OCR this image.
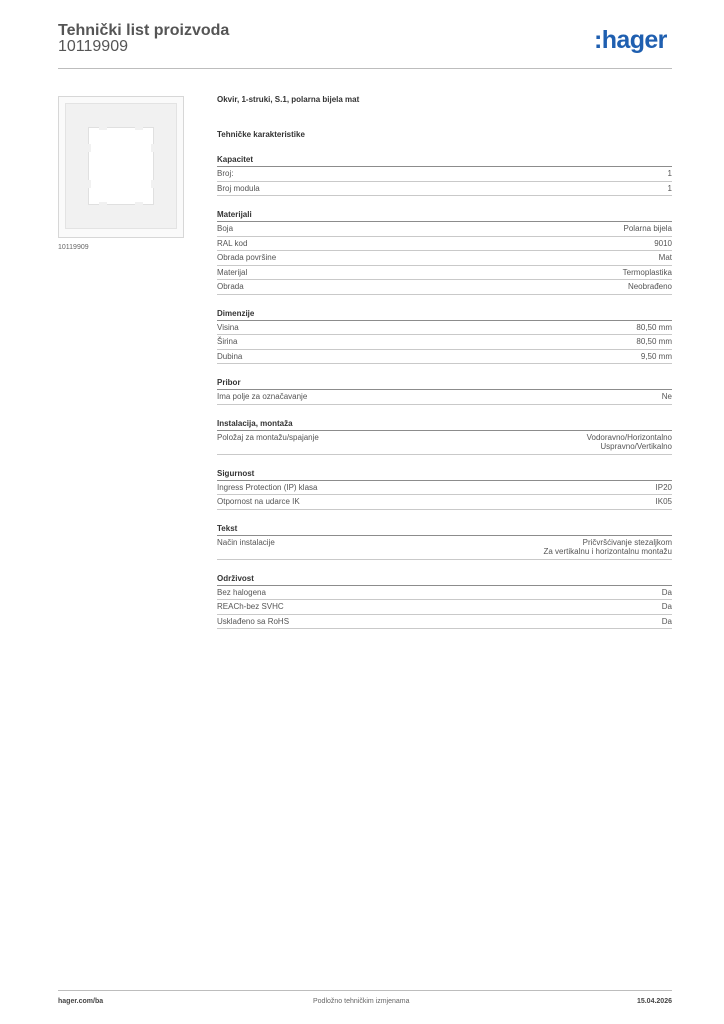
Tehnički list proizvoda
10119909	:hager
10119909
Okvir, 1-struki, S.1, polarna bijela mat
Tehničke karakteristike
Kapacitet
Broj:	1
Broj modula	1
Materijali
Boja	Polarna bijela
RAL kod	9010
Obrada površine	Mat
Materijal	Termoplastika
Obrada	Neobrađeno
Dimenzije
Visina	80,50 mm
Širina	80,50 mm
Dubina	9,50 mm
Pribor
Ima polje za označavanje	Ne
Instalacija, montaža
Položaj za montažu/spajanje	Vodoravno/Horizontalno
Uspravno/Vertikalno
Sigurnost
Ingress Protection (IP) klasa	IP20
Otpornost na udarce IK	IK05
Tekst
Način instalacije	Pričvršćivanje stezaljkom
Za vertikalnu i horizontalnu montažu
Održivost
Bez halogena	Da
REACh-bez SVHC	Da
Usklađeno sa RoHS	Da
hager.com/ba	Podložno tehničkim izmjenama	15.04.2026
